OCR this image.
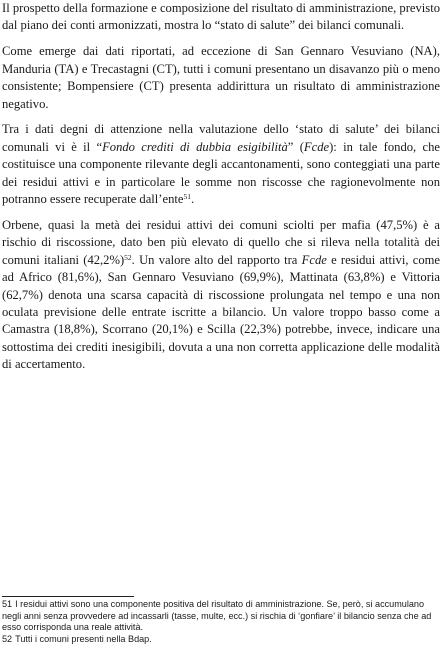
Il prospetto della formazione e composizione del risultato di amministrazione, previsto dal piano dei conti armonizzati, mostra lo “stato di salute” dei bilanci comunali.

Come emerge dai dati riportati, ad eccezione di San Gennaro Vesuviano (NA), Manduria (TA) e Trecastagni (CT), tutti i comuni presentano un disavanzo più o meno consistente; Bompensiere (CT) presenta addirittura un risultato di amministrazione negativo.

Tra i dati degni di attenzione nella valutazione dello ‘stato di salute’ dei bilanci comunali vi è il “Fondo crediti di dubbia esigibilità” (Fcde): in tale fondo, che costituisce una componente rilevante degli accantonamenti, sono conteggiati una parte dei residui attivi e in particolare le somme non riscosse che ragionevolmente non potranno essere recuperate dall’ente$^{51}$.

Orbene, quasi la metà dei residui attivi dei comuni sciolti per mafia (47,5%) è a rischio di riscossione, dato ben più elevato di quello che si rileva nella totalità dei comuni italiani $(42,2\%)^{52}$. Un valore alto del rapporto tra Fcde e residui attivi, come ad Africo (81,6%), San Gennaro Vesuviano (69,9%), Mattinata (63,8%) e Vittoria (62,7%) denota una scarsa capacità di riscossione prolungata nel tempo e una non oculata previsione delle entrate iscritte a bilancio. Un valore troppo basso come a Camastra (18,8%), Scorrano (20,1%) e Scilla (22,3%) potrebbe, invece, indicare una sottostima dei crediti inesigibili, dovuta a una non corretta applicazione delle modalità di accertamento.

51 I residui attivi sono una componente positiva del risultato di amministrazione. Se, però, si accumulano negli anni senza provvedere ad incassarli (tasse, multe, ecc.) si rischia di ‘gonfiare’ il bilancio senza che ad esso corrisponda una reale attività.

52 Tutti i comuni presenti nella Bdap.
